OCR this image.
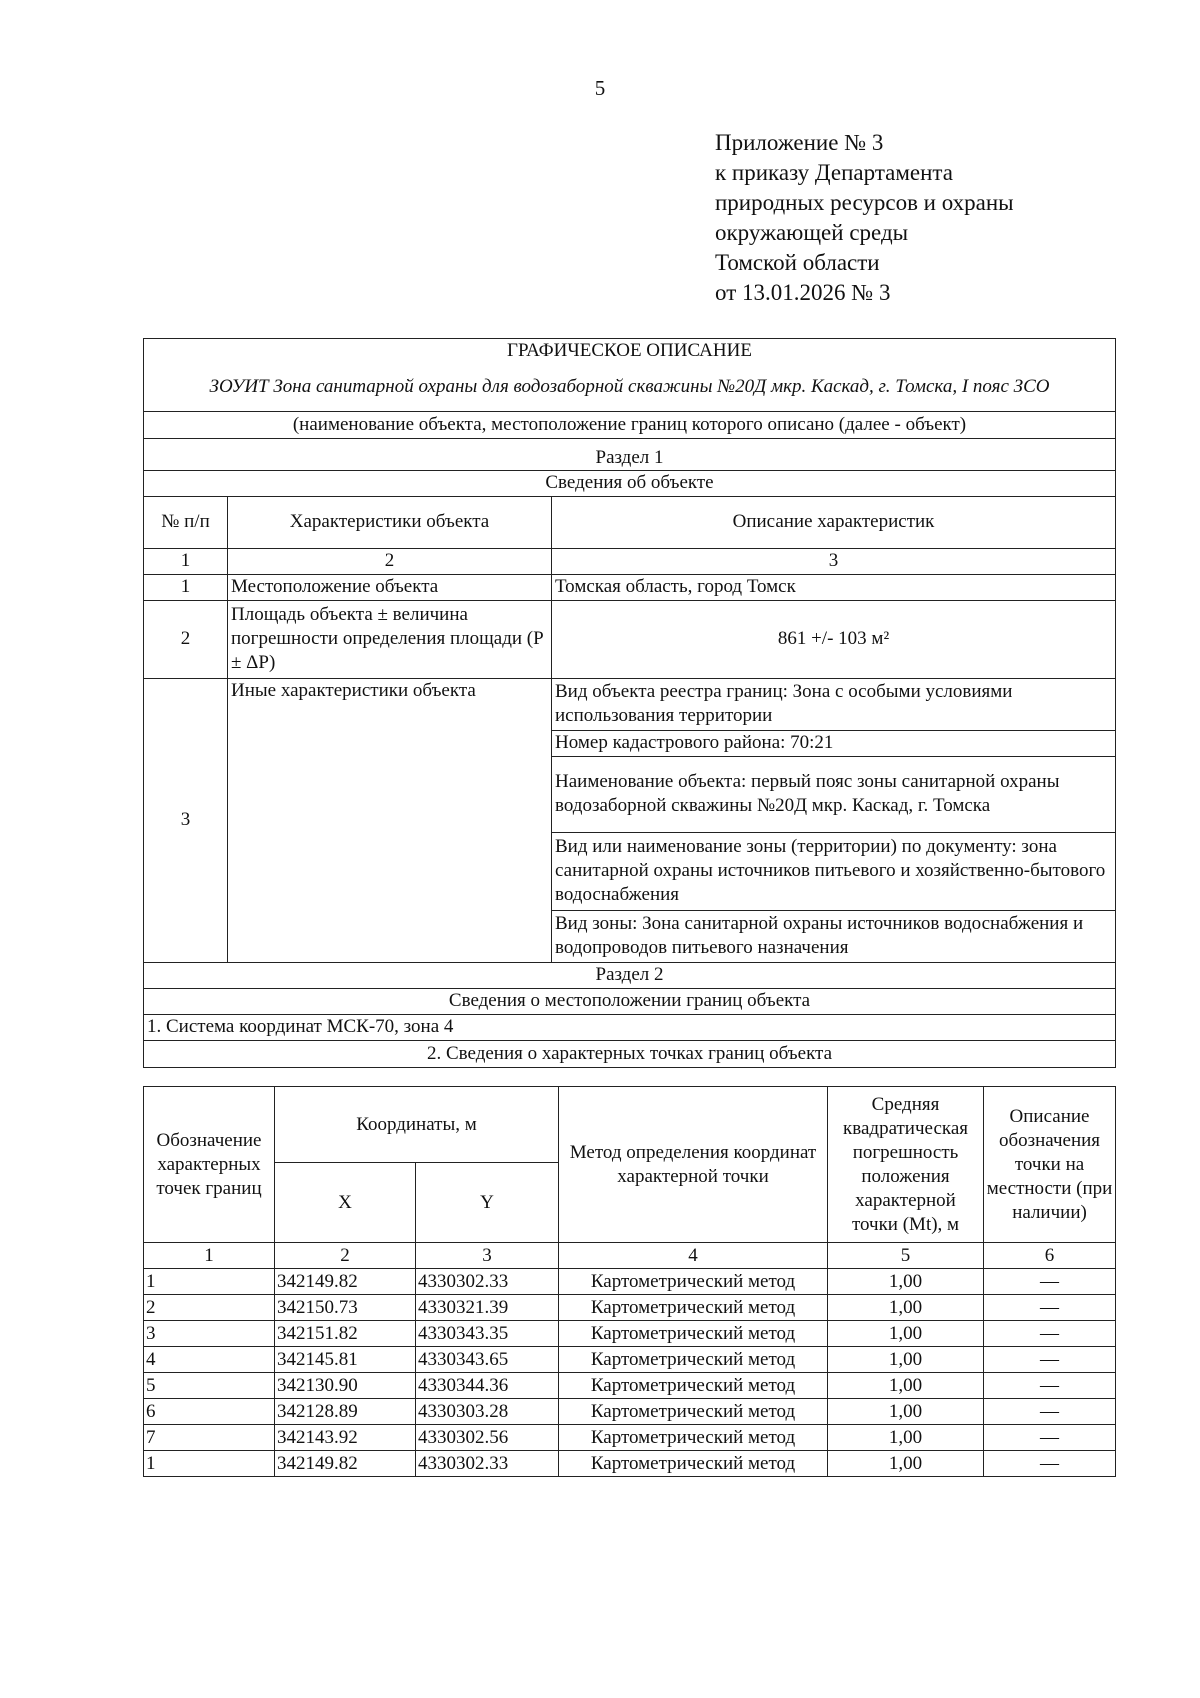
5
Приложение № 3
к приказу Департамента
природных ресурсов и охраны
окружающей среды
Томской области
от 13.01.2026 № 3
ГРАФИЧЕСКОЕ ОПИСАНИЕ		
ЗОУИТ Зона санитарной охраны для водозаборной скважины №20Д мкр. Каскад, г. Томска, I пояс ЗСО		
(наименование объекта, местоположение границ которого описано (далее - объект)		
Раздел 1		
Сведения об объекте		
№ п/п	Характеристики объекта	Описание характеристик
1	2	3
1	Местоположение объекта	Томская область, город Томск
2	Площадь объекта ± величина погрешности определения площади (Р ± ΔР)	861 +/- 103 м²
3	Иные характеристики объекта	Вид объекта реестра границ: Зона с особыми условиями использования территории
		Номер кадастрового района: 70:21
		Наименование объекта: первый пояс зоны санитарной охраны водозаборной скважины №20Д мкр. Каскад, г. Томска
		Вид или наименование зоны (территории) по документу: зона санитарной охраны источников питьевого и хозяйственно-бытового водоснабжения
		Вид зоны: Зона санитарной охраны источников водоснабжения и водопроводов питьевого назначения
Раздел 2		
Сведения о местоположении границ объекта		
1. Система координат МСК-70, зона 4		
2. Сведения о характерных точках границ объекта		
Обозначение характерных точек границ	Координаты, м		Метод определения координат характерной точки	Средняя квадратическая погрешность положения характерной точки (Mt), м	Описание обозначения точки на местности (при наличии)
	X	Y			
1	2	3	4	5	6
1	342149.82	4330302.33	Картометрический метод	1,00	—
2	342150.73	4330321.39	Картометрический метод	1,00	—
3	342151.82	4330343.35	Картометрический метод	1,00	—
4	342145.81	4330343.65	Картометрический метод	1,00	—
5	342130.90	4330344.36	Картометрический метод	1,00	—
6	342128.89	4330303.28	Картометрический метод	1,00	—
7	342143.92	4330302.56	Картометрический метод	1,00	—
1	342149.82	4330302.33	Картометрический метод	1,00	—
